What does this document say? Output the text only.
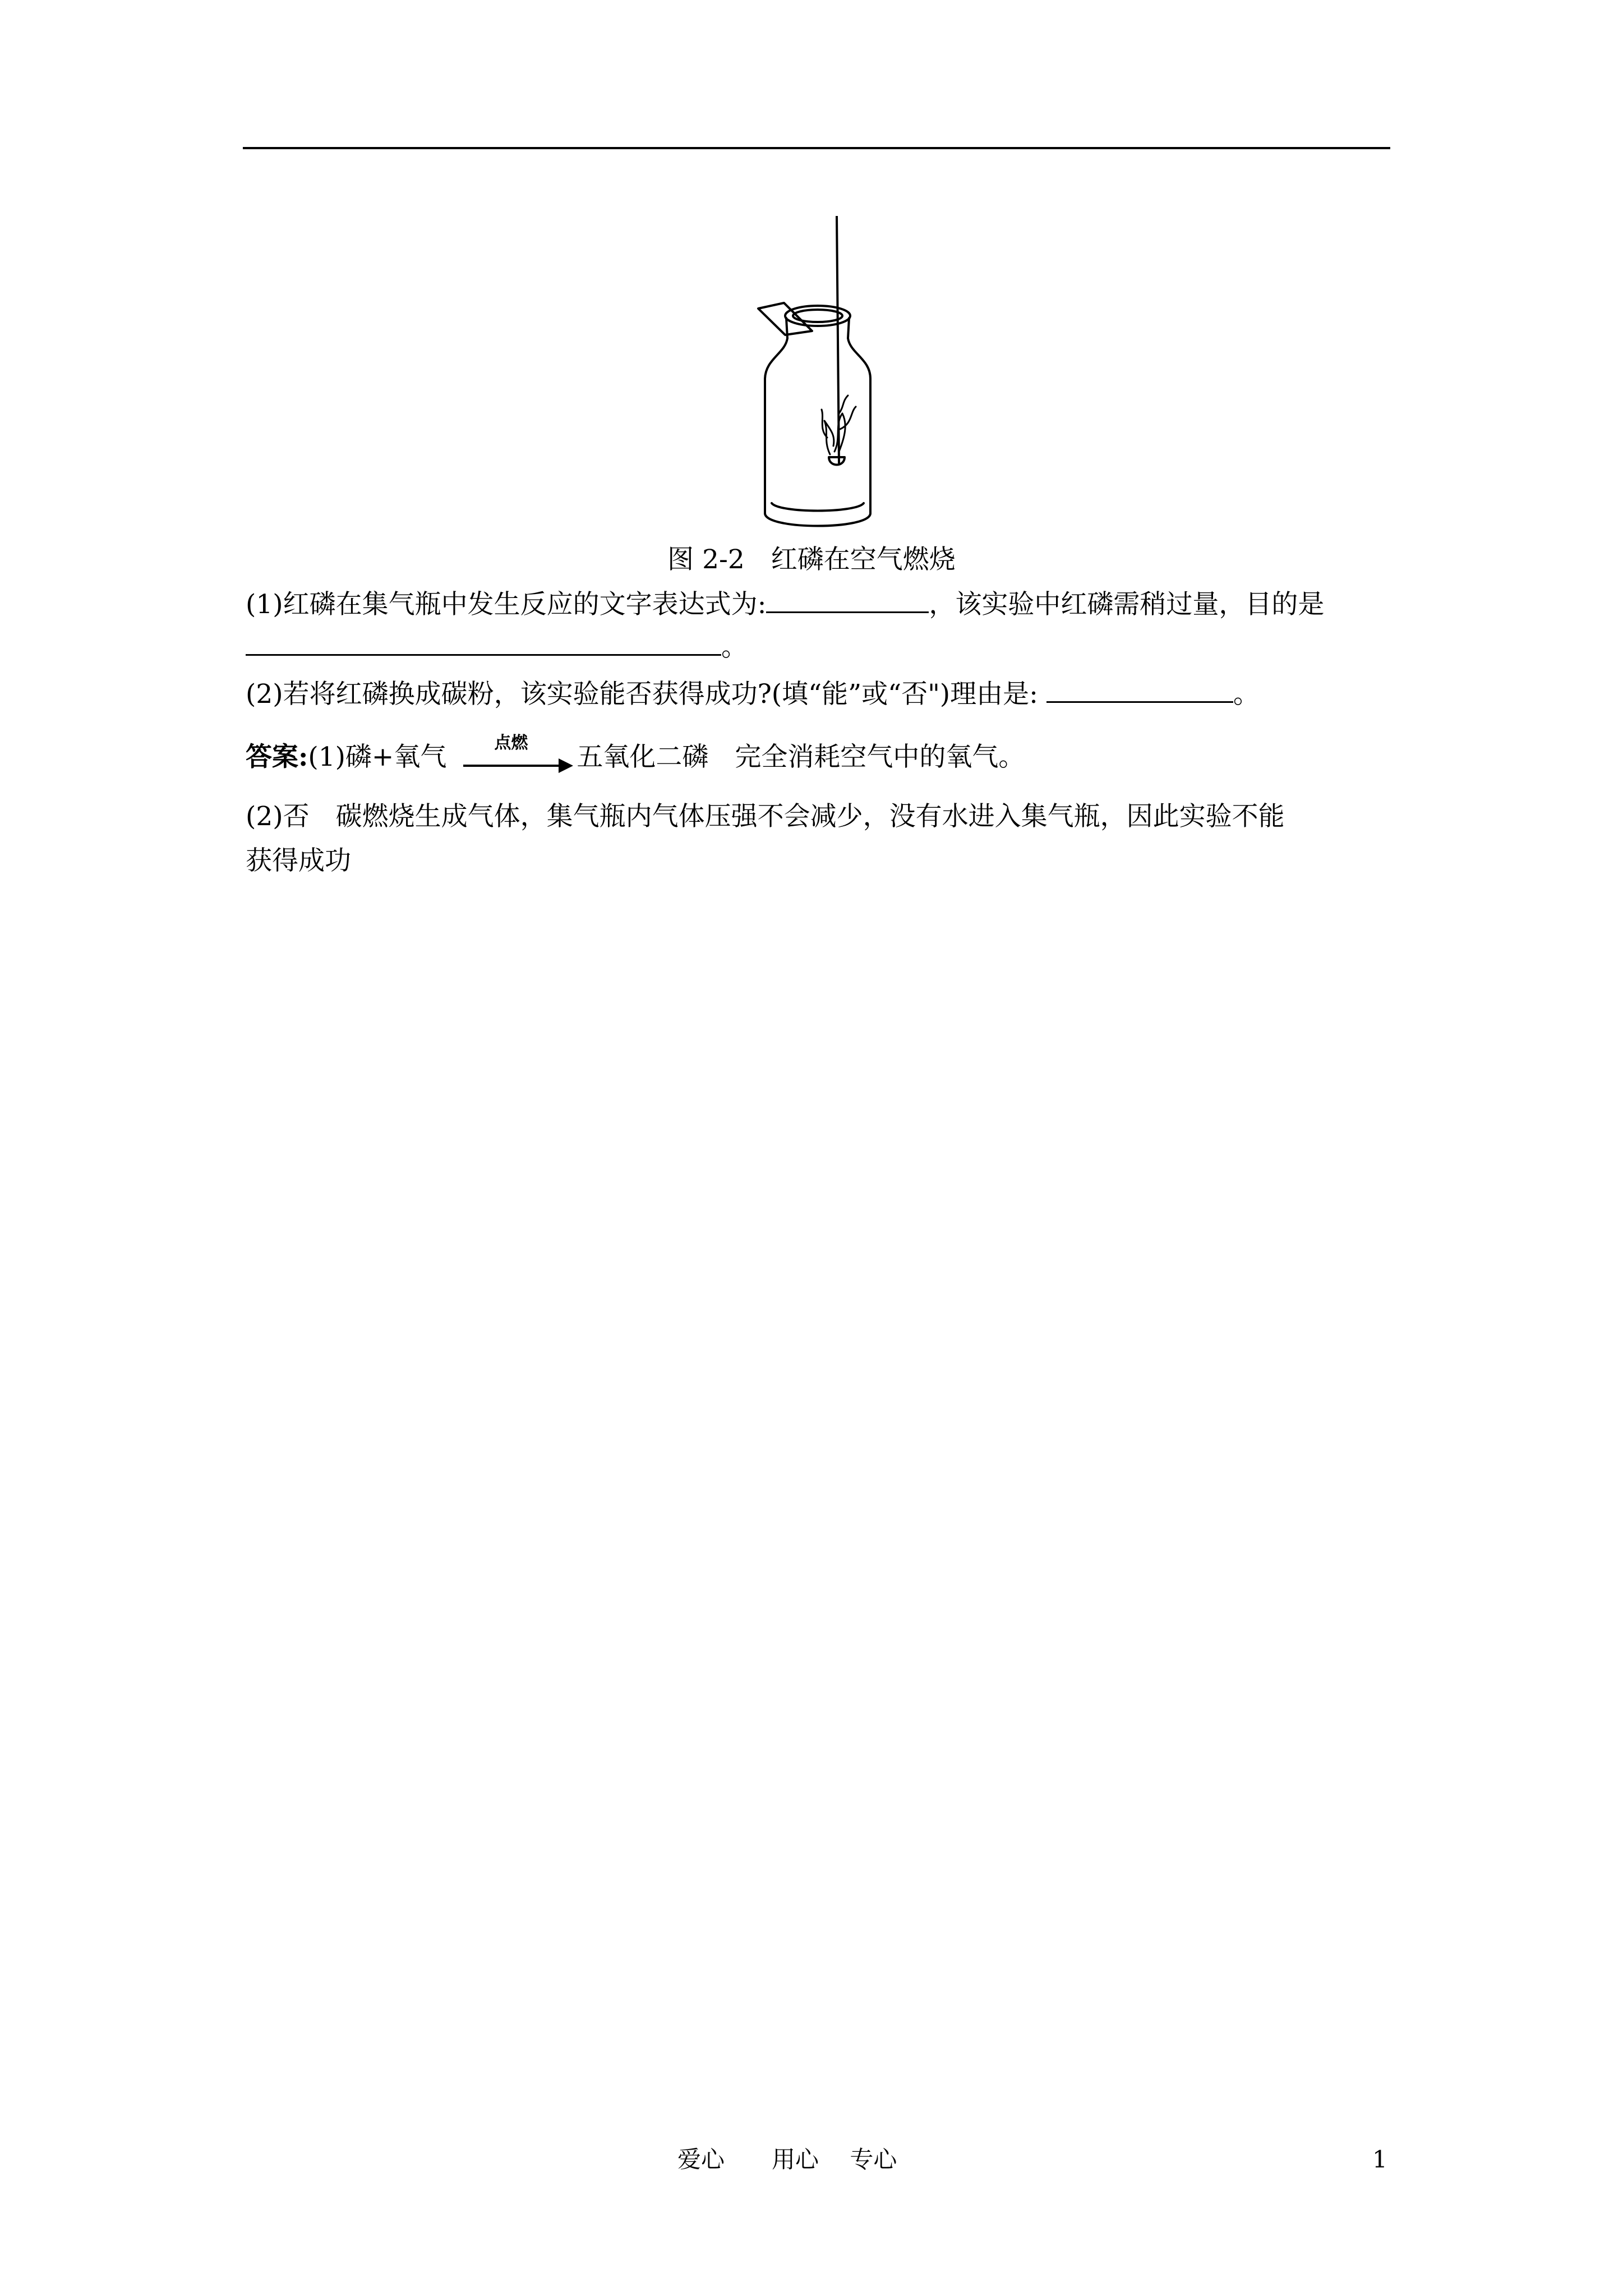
图 2-2　红磷在空气燃烧
(1)红磷在集气瓶中发生反应的文字表达式为:	，该实验中红磷需稍过量，目的是
。
(2)若将红磷换成碳粉，该实验能否获得成功?(填“能”或“否")理由是:	。
答案:(1)磷+氧气	点燃 五氧化二磷　完全消耗空气中的氧气。
(2)否　碳燃烧生成气体，集气瓶内气体压强不会减少，没有水进入集气瓶，因此实验不能
获得成功
爱心　　用心　 专心	1
